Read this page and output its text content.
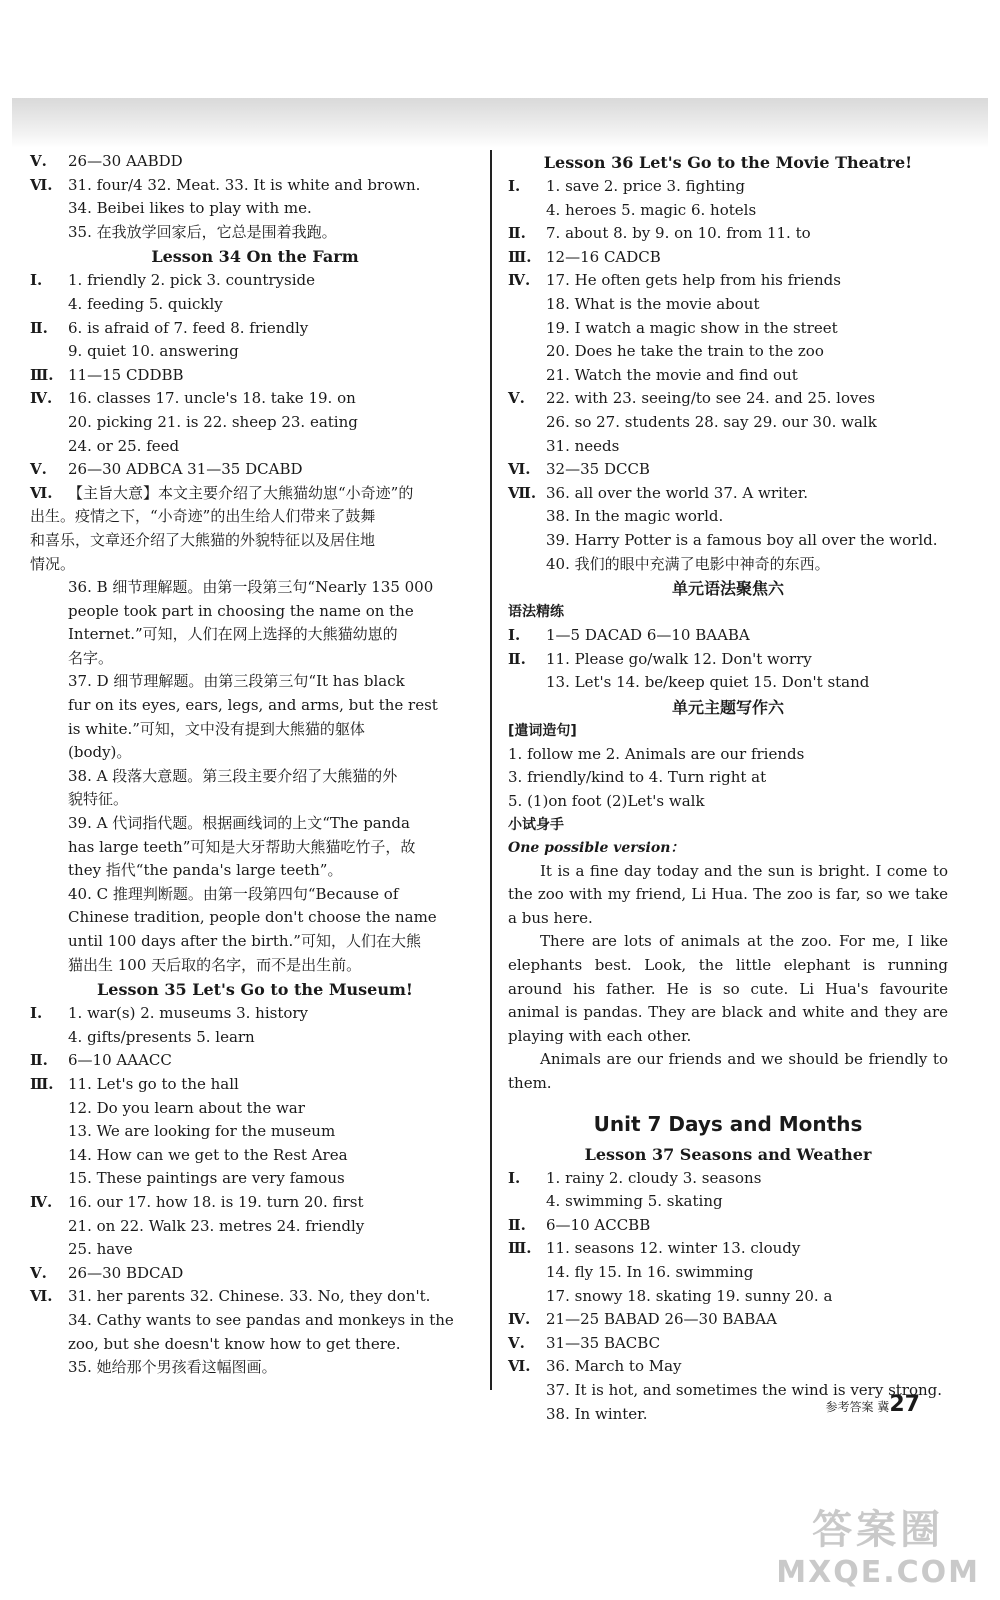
Ⅴ. 26—30 AABDD
Ⅵ. 31. four/4 32. Meat. 33. It is white and brown.
34. Beibei likes to play with me.
35. 在我放学回家后，它总是围着我跑。
Lesson 34 On the Farm
Ⅰ. 1. friendly 2. pick 3. countryside
4. feeding 5. quickly
Ⅱ. 6. is afraid of 7. feed 8. friendly
9. quiet 10. answering
Ⅲ. 11—15 CDDBB
Ⅳ. 16. classes 17. uncle's 18. take 19. on
20. picking 21. is 22. sheep 23. eating
24. or 25. feed
Ⅴ. 26—30 ADBCA 31—35 DCABD
Ⅵ. 【主旨大意】本文主要介绍了大熊猫幼崽“小奇迹”的
出生。疫情之下，“小奇迹”的出生给人们带来了鼓舞
和喜乐，文章还介绍了大熊猫的外貌特征以及居住地
情况。
36. B 细节理解题。由第一段第三句“Nearly 135 000
people took part in choosing the name on the
Internet.”可知，人们在网上选择的大熊猫幼崽的
名字。
37. D 细节理解题。由第三段第三句“It has black
fur on its eyes, ears, legs, and arms, but the rest
is white.”可知，文中没有提到大熊猫的躯体
(body)。
38. A 段落大意题。第三段主要介绍了大熊猫的外
貌特征。
39. A 代词指代题。根据画线词的上文“The panda
has large teeth”可知是大牙帮助大熊猫吃竹子，故
they 指代“the panda's large teeth”。
40. C 推理判断题。由第一段第四句“Because of
Chinese tradition, people don't choose the name
until 100 days after the birth.”可知，人们在大熊
猫出生 100 天后取的名字，而不是出生前。
Lesson 35 Let's Go to the Museum!
Ⅰ. 1. war(s) 2. museums 3. history
4. gifts/presents 5. learn
Ⅱ. 6—10 AAACC
Ⅲ. 11. Let's go to the hall
12. Do you learn about the war
13. We are looking for the museum
14. How can we get to the Rest Area
15. These paintings are very famous
Ⅳ. 16. our 17. how 18. is 19. turn 20. first
21. on 22. Walk 23. metres 24. friendly
25. have
Ⅴ. 26—30 BDCAD
Ⅵ. 31. her parents 32. Chinese. 33. No, they don't.
34. Cathy wants to see pandas and monkeys in the
zoo, but she doesn't know how to get there.
35. 她给那个男孩看这幅图画。
Lesson 36 Let's Go to the Movie Theatre!
Ⅰ. 1. save 2. price 3. fighting
4. heroes 5. magic 6. hotels
Ⅱ. 7. about 8. by 9. on 10. from 11. to
Ⅲ. 12—16 CADCB
Ⅳ. 17. He often gets help from his friends
18. What is the movie about
19. I watch a magic show in the street
20. Does he take the train to the zoo
21. Watch the movie and find out
Ⅴ. 22. with 23. seeing/to see 24. and 25. loves
26. so 27. students 28. say 29. our 30. walk
31. needs
Ⅵ. 32—35 DCCB
Ⅶ. 36. all over the world 37. A writer.
38. In the magic world.
39. Harry Potter is a famous boy all over the world.
40. 我们的眼中充满了电影中神奇的东西。
单元语法聚焦六
语法精练
Ⅰ. 1—5 DACAD 6—10 BAABA
Ⅱ. 11. Please go/walk 12. Don't worry
13. Let's 14. be/keep quiet 15. Don't stand
单元主题写作六
[遣词造句]
1. follow me 2. Animals are our friends
3. friendly/kind to 4. Turn right at
5. (1)on foot (2)Let's walk
小试身手
One possible version：
It is a fine day today and the sun is bright. I come to the zoo with my friend, Li Hua. The zoo is far, so we take a bus here.
There are lots of animals at the zoo. For me, I like elephants best. Look, the little elephant is running around his father. He is so cute. Li Hua's favourite animal is pandas. They are black and white and they are playing with each other.
Animals are our friends and we should be friendly to them.
Unit 7 Days and Months
Lesson 37 Seasons and Weather
Ⅰ. 1. rainy 2. cloudy 3. seasons
4. swimming 5. skating
Ⅱ. 6—10 ACCBB
Ⅲ. 11. seasons 12. winter 13. cloudy
14. fly 15. In 16. swimming
17. snowy 18. skating 19. sunny 20. a
Ⅳ. 21—25 BABAD 26—30 BABAA
Ⅴ. 31—35 BACBC
Ⅵ. 36. March to May
37. It is hot, and sometimes the wind is very strong.
38. In winter.	参考答案 冀27
答案圈
MXQE.COM
